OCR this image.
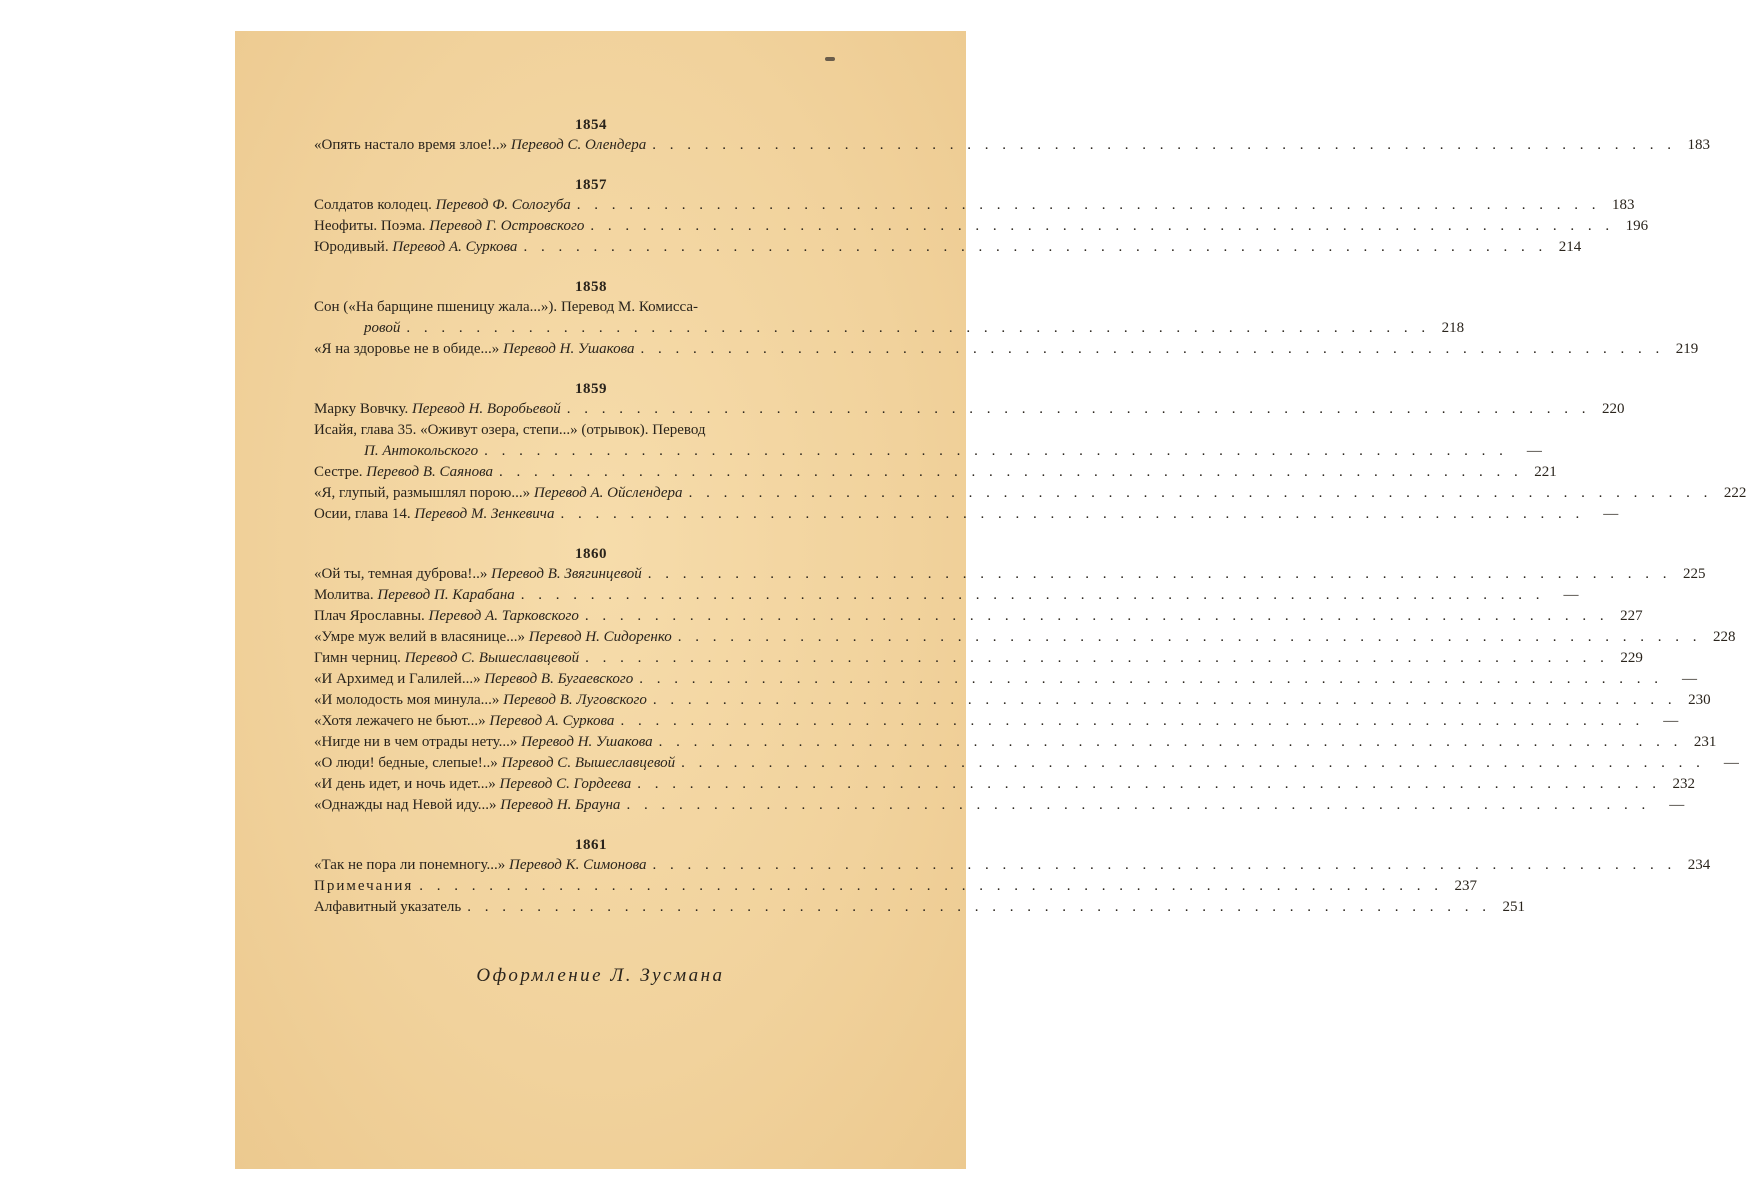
1854
«Опять настало время злое!..» Перевод С. Олендера . . . . . . . . . . . . . . . . . . . . . . . . . . . . . . . . . . . . . . . . . . . . . . . . . . . . . . . . . . . 183
1857
Солдатов колодец. Перевод Ф. Сологуба . . . . . . . . . . . . . . . . . . . . . . . . . . . . . . . . . . . . . . . . . . . . . . . . . . . . . . . . . . . 183
Неофиты. Поэма. Перевод Г. Островского . . . . . . . . . . . . . . . . . . . . . . . . . . . . . . . . . . . . . . . . . . . . . . . . . . . . . . . . . . . 196
Юродивый. Перевод А. Суркова . . . . . . . . . . . . . . . . . . . . . . . . . . . . . . . . . . . . . . . . . . . . . . . . . . . . . . . . . . . 214
1858
Сон («На барщине пшеницу жала...»). Перевод М. Комисса-
ровой . . . . . . . . . . . . . . . . . . . . . . . . . . . . . . . . . . . . . . . . . . . . . . . . . . . . . . . . . . . 218
«Я на здоровье не в обиде...» Перевод Н. Ушакова . . . . . . . . . . . . . . . . . . . . . . . . . . . . . . . . . . . . . . . . . . . . . . . . . . . . . . . . . . . 219
1859
Марку Вовчку. Перевод Н. Воробьевой . . . . . . . . . . . . . . . . . . . . . . . . . . . . . . . . . . . . . . . . . . . . . . . . . . . . . . . . . . . 220
Исайя, глава 35. «Оживут озера, степи...» (отрывок). Перевод
П. Антокольского . . . . . . . . . . . . . . . . . . . . . . . . . . . . . . . . . . . . . . . . . . . . . . . . . . . . . . . . . . .	—
Сестре. Перевод В. Саянова . . . . . . . . . . . . . . . . . . . . . . . . . . . . . . . . . . . . . . . . . . . . . . . . . . . . . . . . . . . 221
«Я, глупый, размышлял порою...» Перевод А. Ойслендера . . . . . . . . . . . . . . . . . . . . . . . . . . . . . . . . . . . . . . . . . . . . . . . . . . . . . . . . . . . 222
Осии, глава 14. Перевод М. Зенкевича . . . . . . . . . . . . . . . . . . . . . . . . . . . . . . . . . . . . . . . . . . . . . . . . . . . . . . . . . . .	—
1860
«Ой ты, темная дуброва!..» Перевод В. Звягинцевой . . . . . . . . . . . . . . . . . . . . . . . . . . . . . . . . . . . . . . . . . . . . . . . . . . . . . . . . . . . 225
Молитва. Перевод П. Карабана . . . . . . . . . . . . . . . . . . . . . . . . . . . . . . . . . . . . . . . . . . . . . . . . . . . . . . . . . . .	—
Плач Ярославны. Перевод А. Тарковского . . . . . . . . . . . . . . . . . . . . . . . . . . . . . . . . . . . . . . . . . . . . . . . . . . . . . . . . . . . 227
«Умре муж велий в власянице...» Перевод Н. Сидоренко . . . . . . . . . . . . . . . . . . . . . . . . . . . . . . . . . . . . . . . . . . . . . . . . . . . . . . . . . . . 228
Гимн черниц. Перевод С. Вышеславцевой . . . . . . . . . . . . . . . . . . . . . . . . . . . . . . . . . . . . . . . . . . . . . . . . . . . . . . . . . . . 229
«И Архимед и Галилей...» Перевод В. Бугаевского . . . . . . . . . . . . . . . . . . . . . . . . . . . . . . . . . . . . . . . . . . . . . . . . . . . . . . . . . . .	—
«И молодость моя минула...» Перевод В. Луговского . . . . . . . . . . . . . . . . . . . . . . . . . . . . . . . . . . . . . . . . . . . . . . . . . . . . . . . . . . . 230
«Хотя лежачего не бьют...» Перевод А. Суркова . . . . . . . . . . . . . . . . . . . . . . . . . . . . . . . . . . . . . . . . . . . . . . . . . . . . . . . . . . .	—
«Нигде ни в чем отрады нету...» Перевод Н. Ушакова . . . . . . . . . . . . . . . . . . . . . . . . . . . . . . . . . . . . . . . . . . . . . . . . . . . . . . . . . . . 231
«О люди! бедные, слепые!..» Пгревод С. Вышеславцевой . . . . . . . . . . . . . . . . . . . . . . . . . . . . . . . . . . . . . . . . . . . . . . . . . . . . . . . . . . .	—
«И день идет, и ночь идет...» Перевод С. Гордеева . . . . . . . . . . . . . . . . . . . . . . . . . . . . . . . . . . . . . . . . . . . . . . . . . . . . . . . . . . . 232
«Однажды над Невой иду...» Перевод Н. Брауна . . . . . . . . . . . . . . . . . . . . . . . . . . . . . . . . . . . . . . . . . . . . . . . . . . . . . . . . . . .	—
1861
«Так не пора ли понемногу...» Перевод К. Симонова . . . . . . . . . . . . . . . . . . . . . . . . . . . . . . . . . . . . . . . . . . . . . . . . . . . . . . . . . . . 234
Примечания . . . . . . . . . . . . . . . . . . . . . . . . . . . . . . . . . . . . . . . . . . . . . . . . . . . . . . . . . . . 237
Алфавитный указатель . . . . . . . . . . . . . . . . . . . . . . . . . . . . . . . . . . . . . . . . . . . . . . . . . . . . . . . . . . . 251
Оформление Л. Зусмана
